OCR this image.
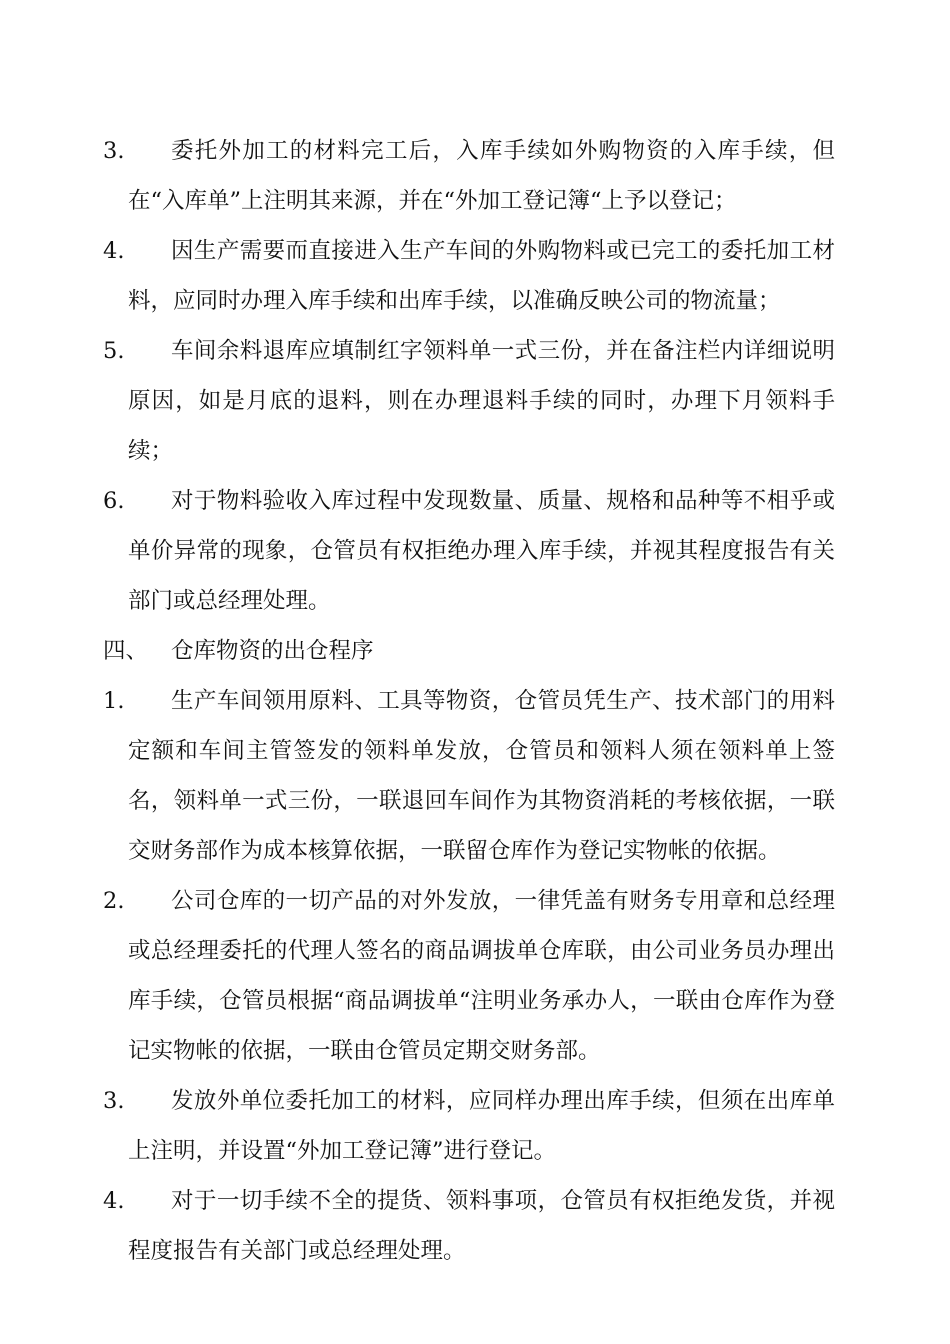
3.	委托外加工的材料完工后，入库手续如外购物资的入库手续，但在“入库单”上注明其来源，并在“外加工登记簿“上予以登记；
4.	因生产需要而直接进入生产车间的外购物料或已完工的委托加工材料，应同时办理入库手续和出库手续，以准确反映公司的物流量；
5.	车间余料退库应填制红字领料单一式三份，并在备注栏内详细说明原因，如是月底的退料，则在办理退料手续的同时，办理下月领料手续；
6.	对于物料验收入库过程中发现数量、质量、规格和品种等不相乎或单价异常的现象，仓管员有权拒绝办理入库手续，并视其程度报告有关部门或总经理处理。
四、	仓库物资的出仓程序
1.	生产车间领用原料、工具等物资，仓管员凭生产、技术部门的用料定额和车间主管签发的领料单发放，仓管员和领料人须在领料单上签名，领料单一式三份，一联退回车间作为其物资消耗的考核依据，一联交财务部作为成本核算依据，一联留仓库作为登记实物帐的依据。
2.	公司仓库的一切产品的对外发放，一律凭盖有财务专用章和总经理或总经理委托的代理人签名的商品调拔单仓库联，由公司业务员办理出库手续，仓管员根据“商品调拔单“注明业务承办人，一联由仓库作为登记实物帐的依据，一联由仓管员定期交财务部。
3.	发放外单位委托加工的材料，应同样办理出库手续，但须在出库单上注明，并设置“外加工登记簿”进行登记。
4.	对于一切手续不全的提货、领料事项，仓管员有权拒绝发货，并视程度报告有关部门或总经理处理。
